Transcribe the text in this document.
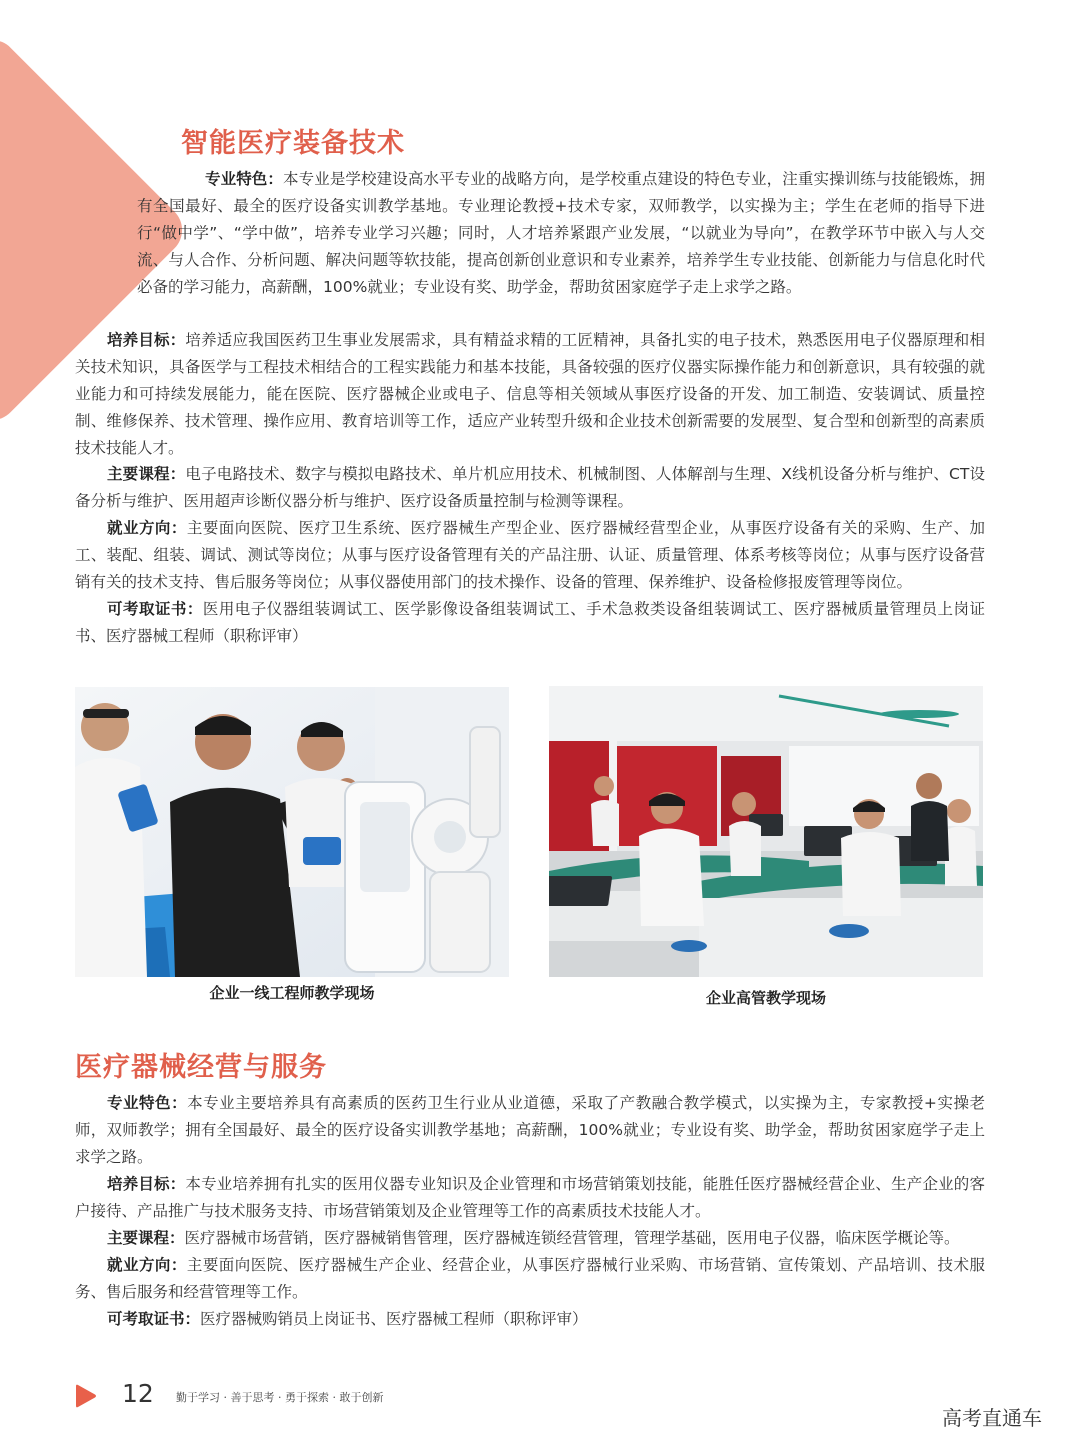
智能医疗装备技术
专业特色：本专业是学校建设高水平专业的战略方向，是学校重点建设的特色专业，注重实操训练与技能锻炼，拥有全国最好、最全的医疗设备实训教学基地。专业理论教授+技术专家，双师教学，以实操为主；学生在老师的指导下进行“做中学”、“学中做”，培养专业学习兴趣；同时，人才培养紧跟产业发展，“以就业为导向”，在教学环节中嵌入与人交流、与人合作、分析问题、解决问题等软技能，提高创新创业意识和专业素养，培养学生专业技能、创新能力与信息化时代必备的学习能力，高薪酬，100%就业；专业设有奖、助学金，帮助贫困家庭学子走上求学之路。
培养目标：培养适应我国医药卫生事业发展需求，具有精益求精的工匠精神，具备扎实的电子技术，熟悉医用电子仪器原理和相关技术知识，具备医学与工程技术相结合的工程实践能力和基本技能，具备较强的医疗仪器实际操作能力和创新意识，具有较强的就业能力和可持续发展能力，能在医院、医疗器械企业或电子、信息等相关领域从事医疗设备的开发、加工制造、安装调试、质量控制、维修保养、技术管理、操作应用、教育培训等工作，适应产业转型升级和企业技术创新需要的发展型、复合型和创新型的高素质技术技能人才。
主要课程：电子电路技术、数字与模拟电路技术、单片机应用技术、机械制图、人体解剖与生理、X线机设备分析与维护、CT设备分析与维护、医用超声诊断仪器分析与维护、医疗设备质量控制与检测等课程。
就业方向：主要面向医院、医疗卫生系统、医疗器械生产型企业、医疗器械经营型企业，从事医疗设备有关的采购、生产、加工、装配、组装、调试、测试等岗位；从事与医疗设备管理有关的产品注册、认证、质量管理、体系考核等岗位；从事与医疗设备营销有关的技术支持、售后服务等岗位；从事仪器使用部门的技术操作、设备的管理、保养维护、设备检修报废管理等岗位。
可考取证书：医用电子仪器组装调试工、医学影像设备组装调试工、手术急救类设备组装调试工、医疗器械质量管理员上岗证书、医疗器械工程师（职称评审）
企业一线工程师教学现场	企业高管教学现场
医疗器械经营与服务
专业特色：本专业主要培养具有高素质的医药卫生行业从业道德，采取了产教融合教学模式，以实操为主，专家教授+实操老师，双师教学；拥有全国最好、最全的医疗设备实训教学基地；高薪酬，100%就业；专业设有奖、助学金，帮助贫困家庭学子走上求学之路。
培养目标：本专业培养拥有扎实的医用仪器专业知识及企业管理和市场营销策划技能，能胜任医疗器械经营企业、生产企业的客户接待、产品推广与技术服务支持、市场营销策划及企业管理等工作的高素质技术技能人才。
主要课程：医疗器械市场营销，医疗器械销售管理，医疗器械连锁经营管理，管理学基础，医用电子仪器，临床医学概论等。
就业方向：主要面向医院、医疗器械生产企业、经营企业，从事医疗器械行业采购、市场营销、宣传策划、产品培训、技术服务、售后服务和经营管理等工作。
可考取证书：医疗器械购销员上岗证书、医疗器械工程师（职称评审）
12 勤于学习 · 善于思考 · 勇于探索 · 敢于创新
高考直通车
